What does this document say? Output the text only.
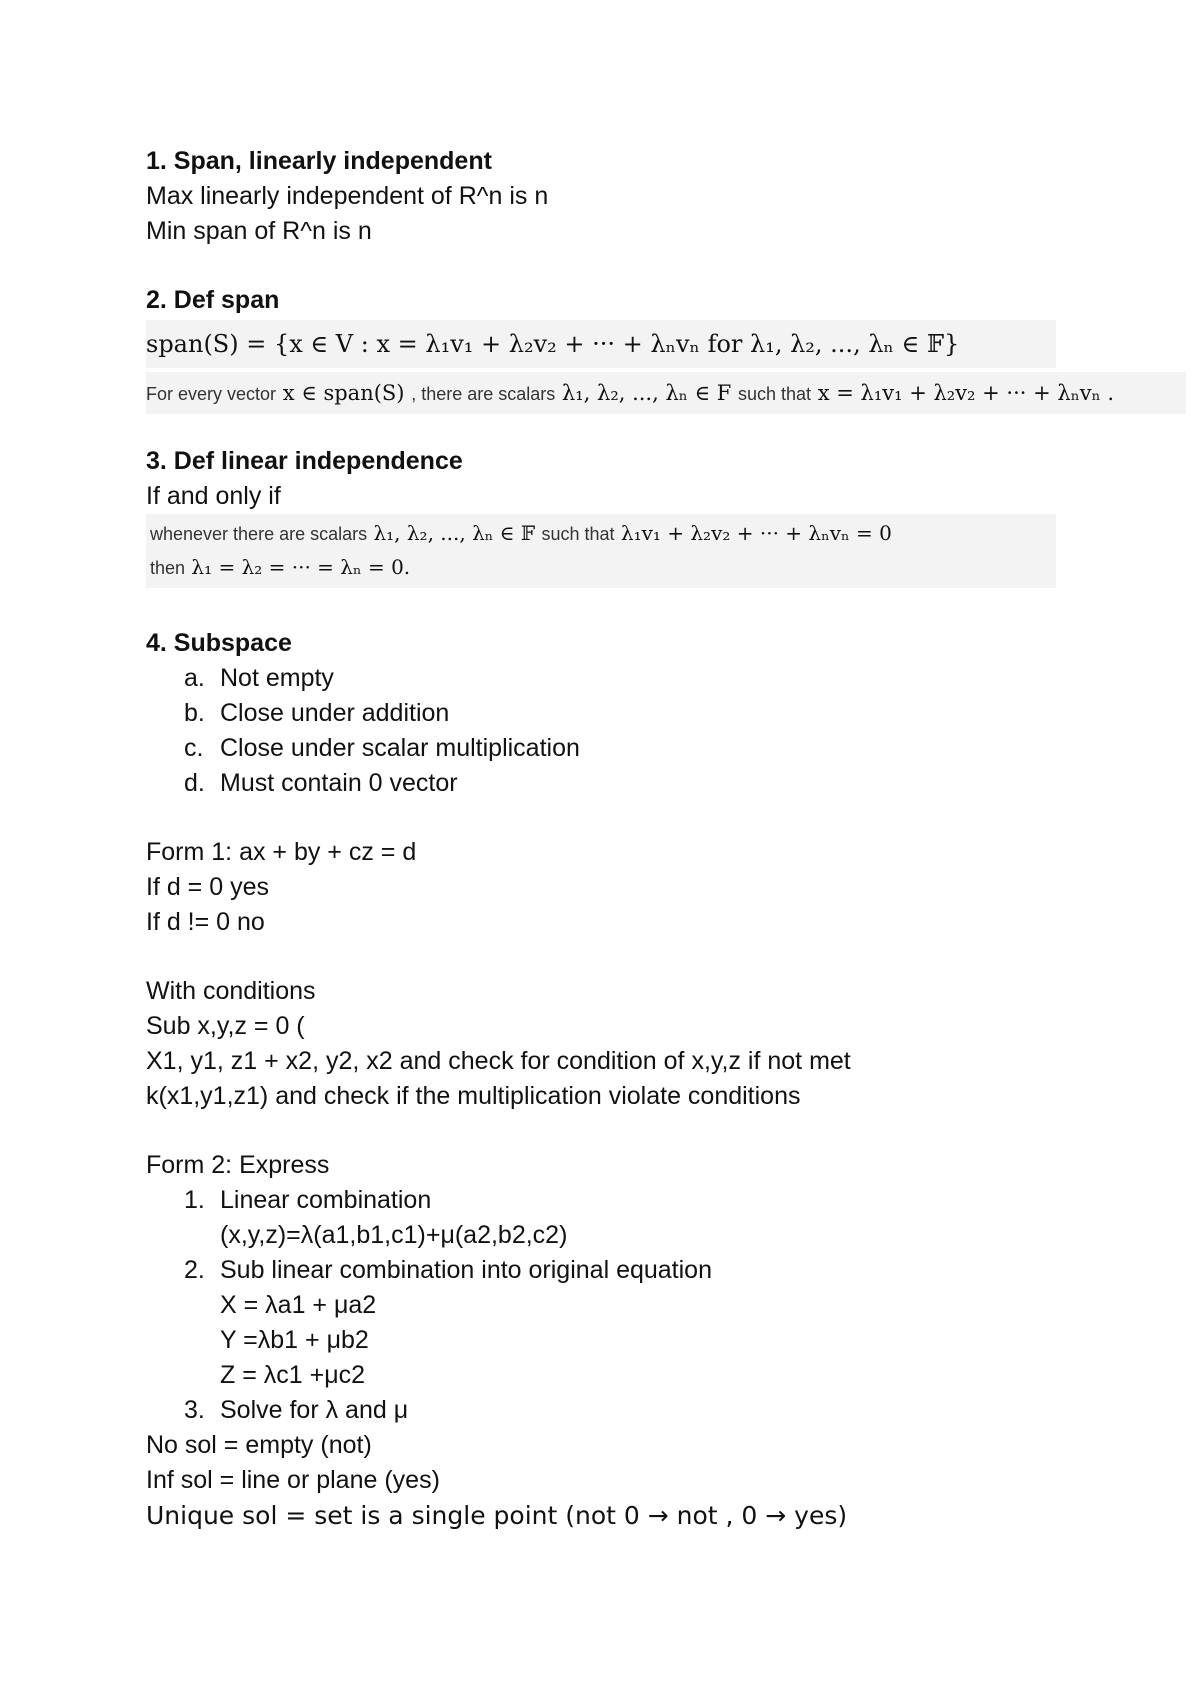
1. Span, linearly independent
Max linearly independent of R^n is n
Min span of R^n is n
2. Def span
span(S) = {x ∈ V : x = λ₁v₁ + λ₂v₂ + ··· + λₙvₙ for λ₁, λ₂, ..., λₙ ∈ 𝔽}
For every vector x ∈ span(S) , there are scalars λ₁, λ₂, ..., λₙ ∈ F such that x = λ₁v₁ + λ₂v₂ + ··· + λₙvₙ .
3. Def linear independence
If and only if
whenever there are scalars λ₁, λ₂, ..., λₙ ∈ 𝔽 such that λ₁v₁ + λ₂v₂ + ··· + λₙvₙ = 0
then λ₁ = λ₂ = ··· = λₙ = 0.
4. Subspace
a. Not empty
b. Close under addition
c. Close under scalar multiplication
d. Must contain 0 vector
Form 1: ax + by + cz = d
If d = 0 yes
If d != 0 no
With conditions
Sub x,y,z = 0 (
X1, y1, z1 + x2, y2, x2 and check for condition of x,y,z if not met
k(x1,y1,z1) and check if the multiplication violate conditions
Form 2: Express
1. Linear combination
(x,y,z)=λ(a1,b1,c1)+μ(a2,b2,c2)
2. Sub linear combination into original equation
X = λa1 + μa2
Y =λb1 + μb2
Z = λc1 +μc2
3. Solve for λ and μ
No sol = empty (not)
Inf sol = line or plane (yes)
Unique sol = set is a single point (not 0 → not , 0 → yes)
